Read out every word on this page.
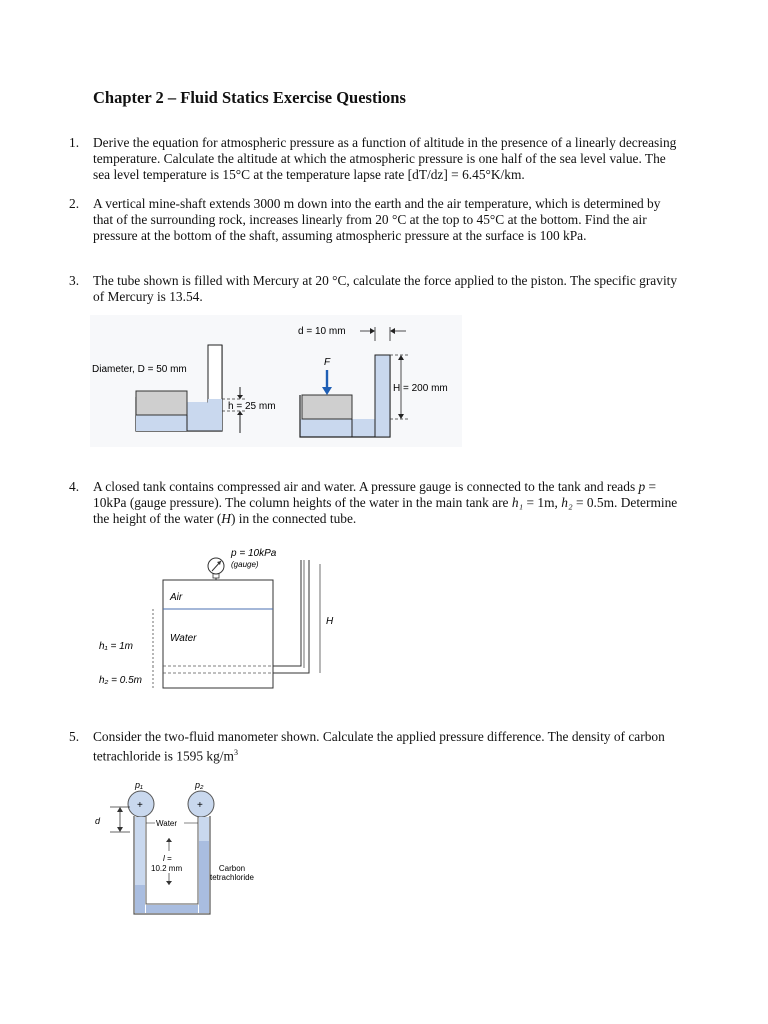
Chapter 2 – Fluid Statics Exercise Questions
1. Derive the equation for atmospheric pressure as a function of altitude in the presence of a linearly decreasing temperature. Calculate the altitude at which the atmospheric pressure is one half of the sea level value. The sea level temperature is 15°C at the temperature lapse rate [dT/dz] = 6.45°K/km.
2. A vertical mine-shaft extends 3000 m down into the earth and the air temperature, which is determined by that of the surrounding rock, increases linearly from 20 °C at the top to 45°C at the bottom. Find the air pressure at the bottom of the shaft, assuming atmospheric pressure at the surface is 100 kPa.
3. The tube shown is filled with Mercury at 20 °C, calculate the force applied to the piston. The specific gravity of Mercury is 13.54.
Diameter, D = 50 mm
h = 25 mm
F
d = 10 mm
H = 200 mm
4. A closed tank contains compressed air and water. A pressure gauge is connected to the tank and reads p = 10kPa (gauge pressure). The column heights of the water in the main tank are h₁ = 1m, h₂ = 0.5m. Determine the height of the water (H) in the connected tube.
p = 10kPa
(gauge)
H
Air
Water
h₁ = 1m
h₂ = 0.5m
5. Consider the two-fluid manometer shown. Calculate the applied pressure difference. The density of carbon tetrachloride is 1595 $kg/m^3$
+	+
p₁	p₂
d	Water
l =
10.2 mm	Carbon
tetrachloride
